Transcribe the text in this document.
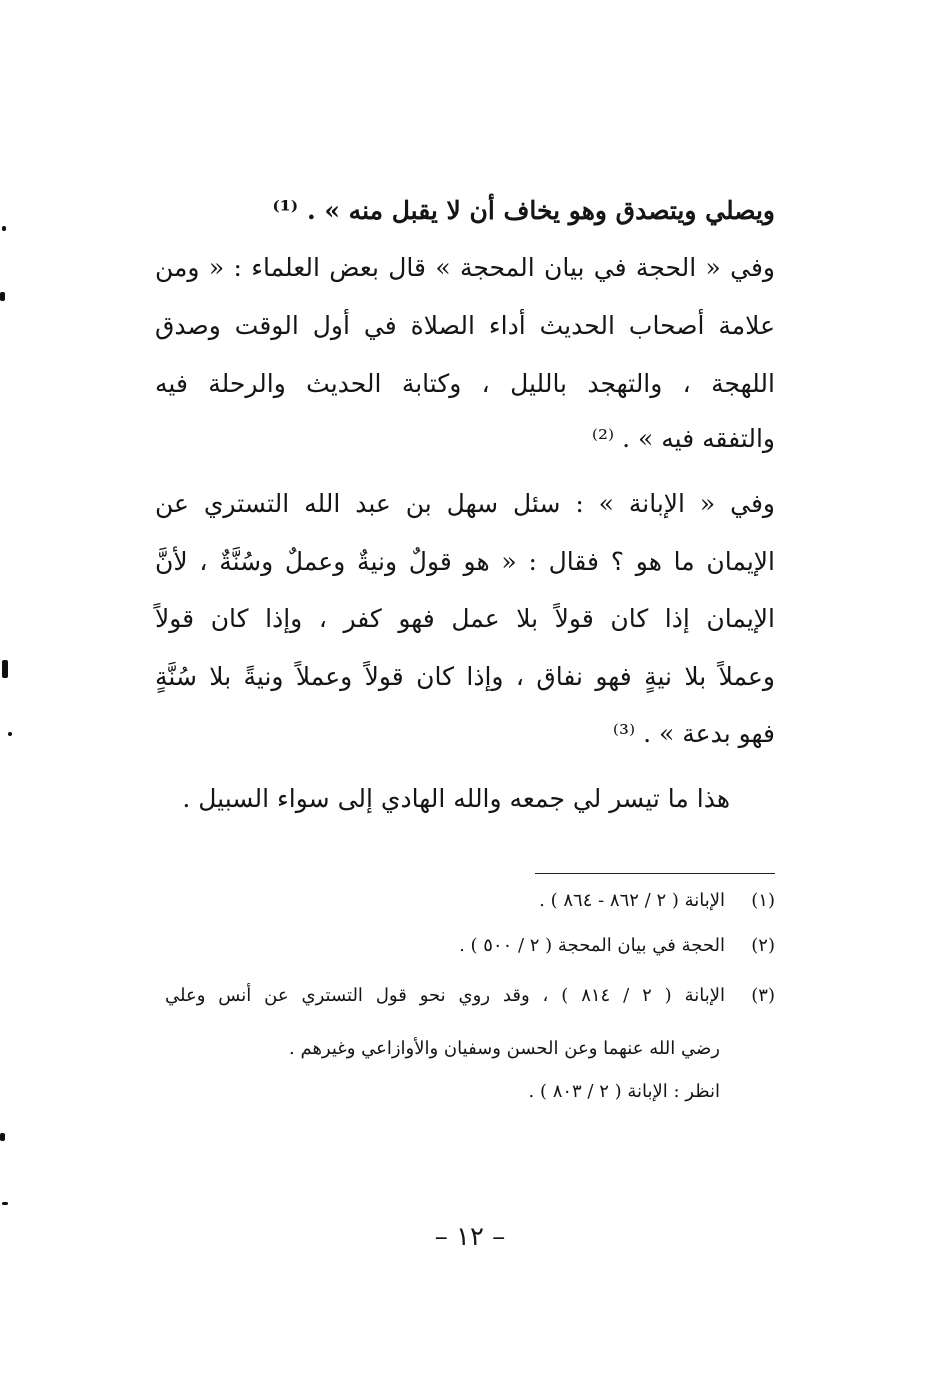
ويصلي ويتصدق وهو يخاف أن لا يقبل منه » . ⁽¹⁾
وفي « الحجة في بيان المحجة » قال بعض العلماء : « ومن
علامة أصحاب الحديث أداء الصلاة في أول الوقت وصدق
اللهجة ، والتهجد بالليل ، وكتابة الحديث والرحلة فيه
والتفقه فيه » . ⁽²⁾
وفي « الإبانة » : سئل سهل بن عبد الله التستري عن
الإيمان ما هو ؟ فقال : « هو قولٌ ونيةٌ وعملٌ وسُنَّةٌ ، لأنَّ
الإيمان إذا كان قولاً بلا عمل فهو كفر ، وإذا كان قولاً
وعملاً بلا نيةٍ فهو نفاق ، وإذا كان قولاً وعملاً ونيةً بلا سُنَّةٍ
فهو بدعة » . ⁽³⁾
هذا ما تيسر لي جمعه والله الهادي إلى سواء السبيل .
(١)
الإبانة ( ٢ / ٨٦٢ - ٨٦٤ ) .
(٢)
الحجة في بيان المحجة ( ٢ / ٥٠٠ ) .
(٣)
الإبانة ( ٢ / ٨١٤ ) ، وقد روي نحو قول التستري عن أنس وعلي
رضي الله عنهما وعن الحسن وسفيان والأوازاعي وغيرهم .
انظر : الإبانة ( ٢ / ٨٠٣ ) .
– ١٢ –
